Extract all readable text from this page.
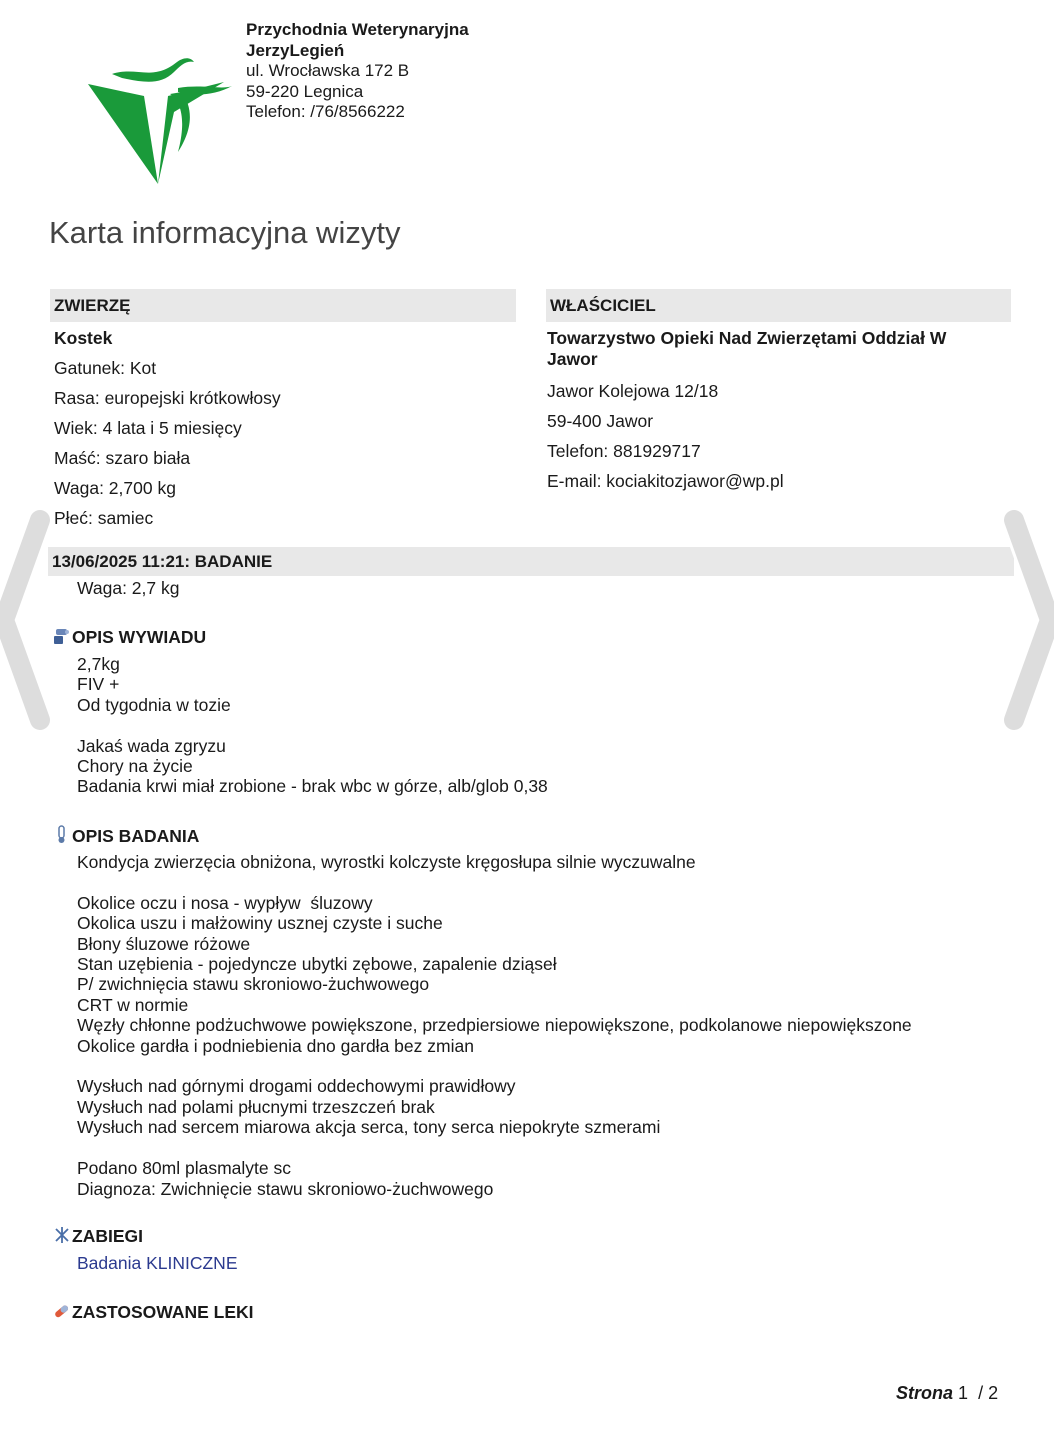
Przychodnia Weterynaryjna
JerzyLegień
ul. Wrocławska 172 B
59-220 Legnica
Telefon: /76/8566222
Karta informacyjna wizyty
ZWIERZĘ
Kostek
Gatunek: Kot
Rasa: europejski krótkowłosy
Wiek: 4 lata i 5 miesięcy
Maść: szaro biała
Waga: 2,700 kg
Płeć: samiec
WŁAŚCICIEL
Towarzystwo Opieki Nad Zwierzętami Oddział W Jawor
Jawor Kolejowa 12/18
59-400 Jawor
Telefon: 881929717
E-mail: kociakitozjawor@wp.pl
13/06/2025 11:21: BADANIE
Waga: 2,7 kg
OPIS WYWIADU
2,7kg
FIV +
Od tygodnia w tozie

Jakaś wada zgryzu
Chory na życie
Badania krwi miał zrobione - brak wbc w górze, alb/glob 0,38
OPIS BADANIA
Kondycja zwierzęcia obniżona, wyrostki kolczyste kręgosłupa silnie wyczuwalne

Okolice oczu i nosa - wypływ  śluzowy
Okolica uszu i małżowiny usznej czyste i suche
Błony śluzowe różowe
Stan uzębienia - pojedyncze ubytki zębowe, zapalenie dziąseł
P/ zwichnięcia stawu skroniowo-żuchwowego
CRT w normie
Węzły chłonne podżuchwowe powiększone, przedpiersiowe niepowiększone, podkolanowe niepowiększone
Okolice gardła i podniebienia dno gardła bez zmian

Wysłuch nad górnymi drogami oddechowymi prawidłowy
Wysłuch nad polami płucnymi trzeszczeń brak
Wysłuch nad sercem miarowa akcja serca, tony serca niepokryte szmerami

Podano 80ml plasmalyte sc
Diagnoza: Zwichnięcie stawu skroniowo-żuchwowego
ZABIEGI
Badania KLINICZNE
ZASTOSOWANE LEKI
Strona 1 / 2
